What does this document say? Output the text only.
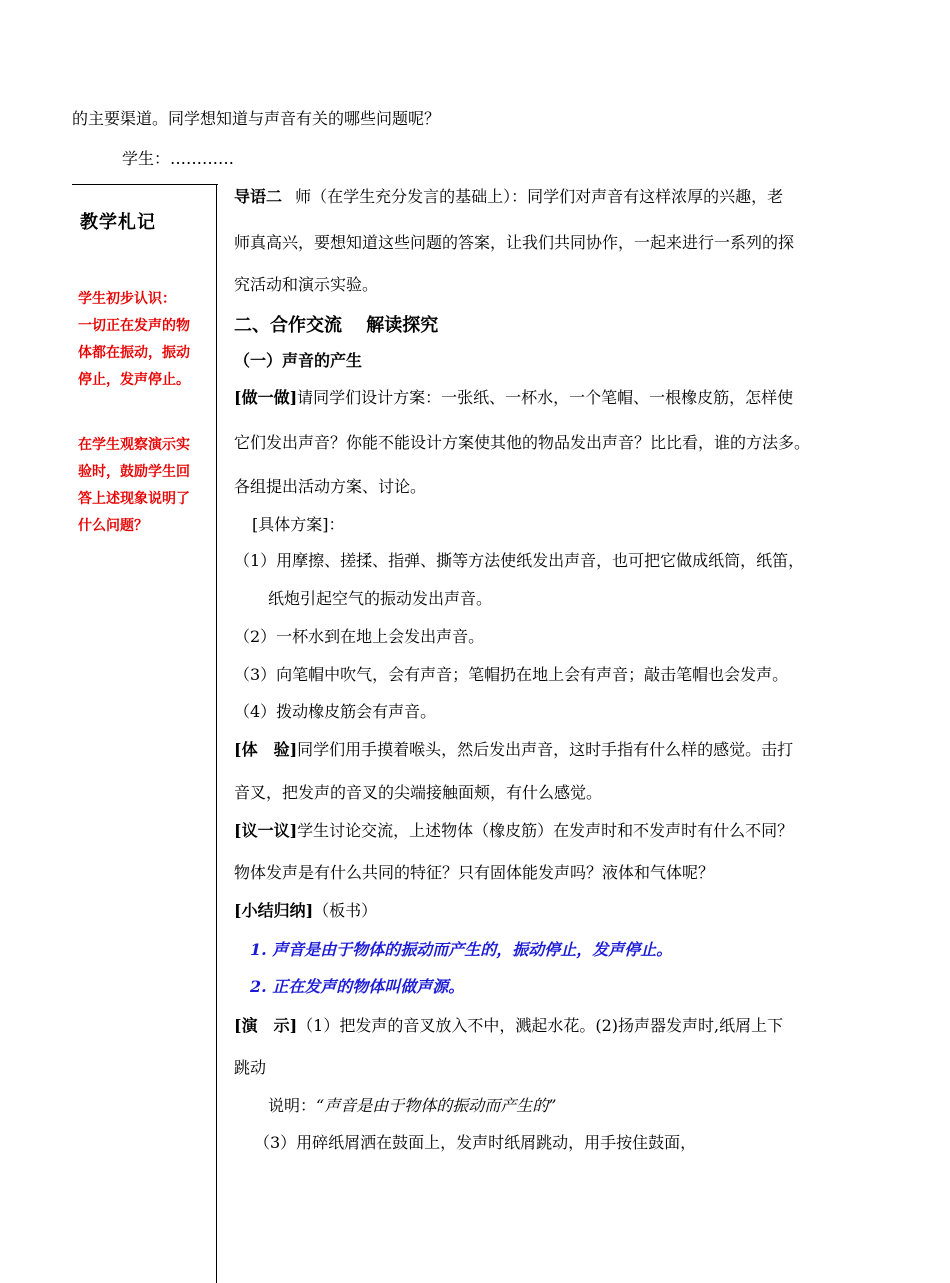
的主要渠道。同学想知道与声音有关的哪些问题呢？
学生：…………
教学札记
学生初步认识：
一切正在发声的物
体都在振动，振动
停止，发声停止。
在学生观察演示实
验时，鼓励学生回
答上述现象说明了
什么问题？
导语二 师（在学生充分发言的基础上）：同学们对声音有这样浓厚的兴趣，老
师真高兴，要想知道这些问题的答案，让我们共同协作，一起来进行一系列的探
究活动和演示实验。
二、合作交流　 解读探究
（一）声音的产生
[做一做]请同学们设计方案：一张纸、一杯水，一个笔帽、一根橡皮筋，怎样使
它们发出声音？你能不能设计方案使其他的物品发出声音？比比看，谁的方法多。
各组提出活动方案、讨论。
[具体方案]：
（1）用摩擦、搓揉、指弹、撕等方法使纸发出声音，也可把它做成纸筒，纸笛，
纸炮引起空气的振动发出声音。
（2）一杯水到在地上会发出声音。
（3）向笔帽中吹气，会有声音；笔帽扔在地上会有声音；敲击笔帽也会发声。
（4）拨动橡皮筋会有声音。
[体　验]同学们用手摸着喉头，然后发出声音，这时手指有什么样的感觉。击打
音叉，把发声的音叉的尖端接触面颊，有什么感觉。
[议一议]学生讨论交流，上述物体（橡皮筋）在发声时和不发声时有什么不同？
物体发声是有什么共同的特征？只有固体能发声吗？液体和气体呢？
[小结归纳]（板书）
1. 声音是由于物体的振动而产生的，振动停止，发声停止。
2. 正在发声的物体叫做声源。
[演　示]（1）把发声的音叉放入不中，溅起水花。(2)扬声器发声时,纸屑上下
跳动
说明：“声音是由于物体的振动而产生的”
（3）用碎纸屑洒在鼓面上，发声时纸屑跳动，用手按住鼓面，
